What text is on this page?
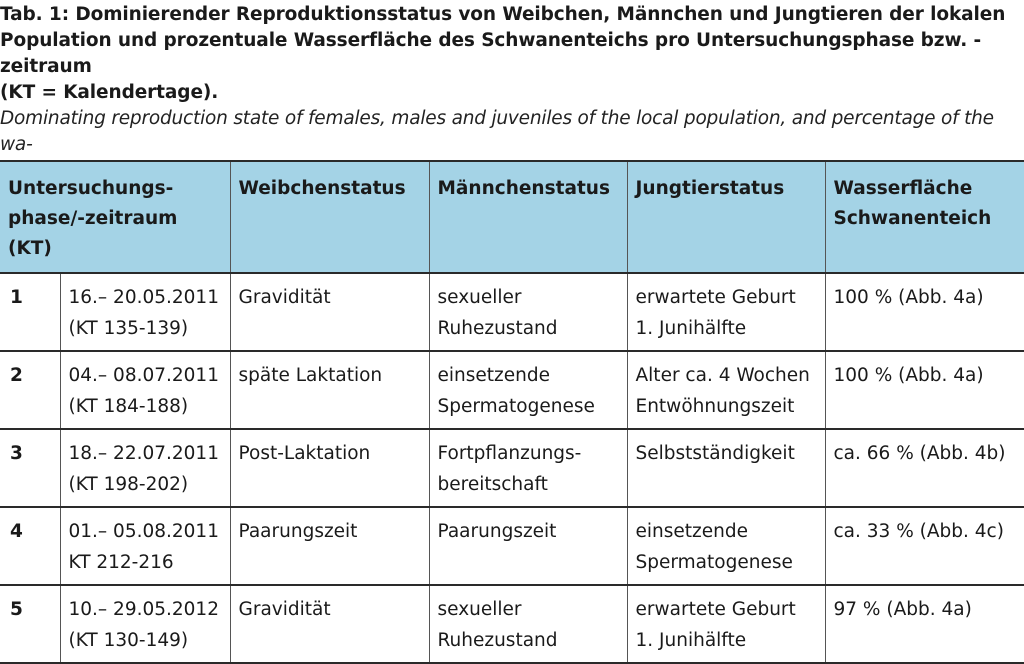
Tab. 1: Dominierender Reproduktionsstatus von Weibchen, Männchen und Jungtieren der lokalen
Population und prozentuale Wasserfläche des Schwanenteichs pro Untersuchungsphase bzw. -zeitraum
(KT = Kalendertage).

Dominating reproduction state of females, males and juveniles of the local population, and percentage of the wa-

Untersuchungs-
phase/-zeitraum (KT)		Weibchenstatus	Männchenstatus	Jungtierstatus	Wasserfläche
Schwanenteich

1	16.– 20.05.2011
(KT 135-139)	Gravidität	sexueller
Ruhezustand	erwartete Geburt
1. Junihälfte	100 % (Abb. 4a)

2	04.– 08.07.2011
(KT 184-188)	späte Laktation	einsetzende
Spermatogenese	Alter ca. 4 Wochen
Entwöhnungszeit	100 % (Abb. 4a)

3	18.– 22.07.2011
(KT 198-202)	Post-Laktation	Fortpflanzungs-
bereitschaft	Selbstständigkeit	ca. 66 % (Abb. 4b)

4	01.– 05.08.2011
KT 212-216	Paarungszeit	Paarungszeit	einsetzende
Spermatogenese	ca. 33 % (Abb. 4c)

5	10.– 29.05.2012
(KT 130-149)	Gravidität	sexueller
Ruhezustand	erwartete Geburt
1. Junihälfte	97 % (Abb. 4a)
